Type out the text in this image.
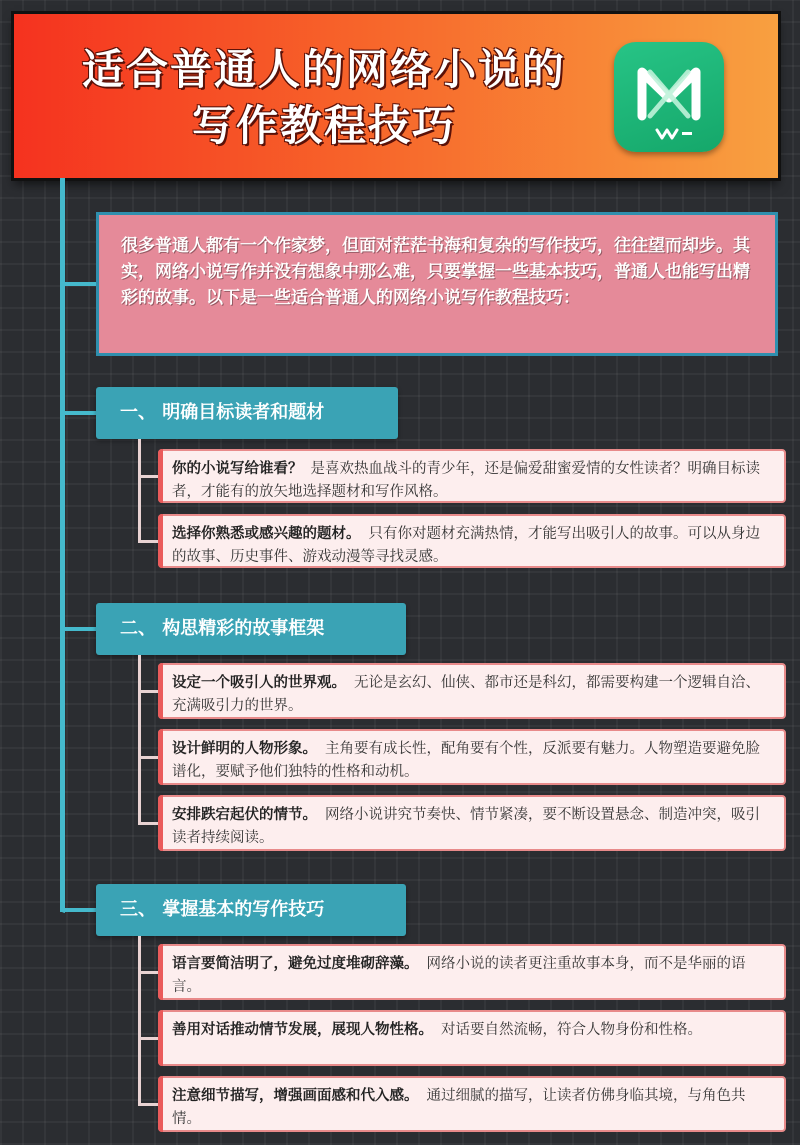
适合普通人的网络小说的
写作教程技巧
很多普通人都有一个作家梦，但面对茫茫书海和复杂的写作技巧，往往望而却步。其实，网络小说写作并没有想象中那么难，只要掌握一些基本技巧，普通人也能写出精彩的故事。以下是一些适合普通人的网络小说写作教程技巧：
一、 明确目标读者和题材
你的小说写给谁看？ 是喜欢热血战斗的青少年，还是偏爱甜蜜爱情的女性读者？明确目标读者，才能有的放矢地选择题材和写作风格。
选择你熟悉或感兴趣的题材。 只有你对题材充满热情，才能写出吸引人的故事。可以从身边的故事、历史事件、游戏动漫等寻找灵感。
二、 构思精彩的故事框架
设定一个吸引人的世界观。 无论是玄幻、仙侠、都市还是科幻，都需要构建一个逻辑自洽、充满吸引力的世界。
设计鲜明的人物形象。 主角要有成长性，配角要有个性，反派要有魅力。人物塑造要避免脸谱化，要赋予他们独特的性格和动机。
安排跌宕起伏的情节。 网络小说讲究节奏快、情节紧凑，要不断设置悬念、制造冲突，吸引读者持续阅读。
三、 掌握基本的写作技巧
语言要简洁明了，避免过度堆砌辞藻。 网络小说的读者更注重故事本身，而不是华丽的语言。
善用对话推动情节发展，展现人物性格。 对话要自然流畅，符合人物身份和性格。
注意细节描写，增强画面感和代入感。 通过细腻的描写，让读者仿佛身临其境，与角色共情。
